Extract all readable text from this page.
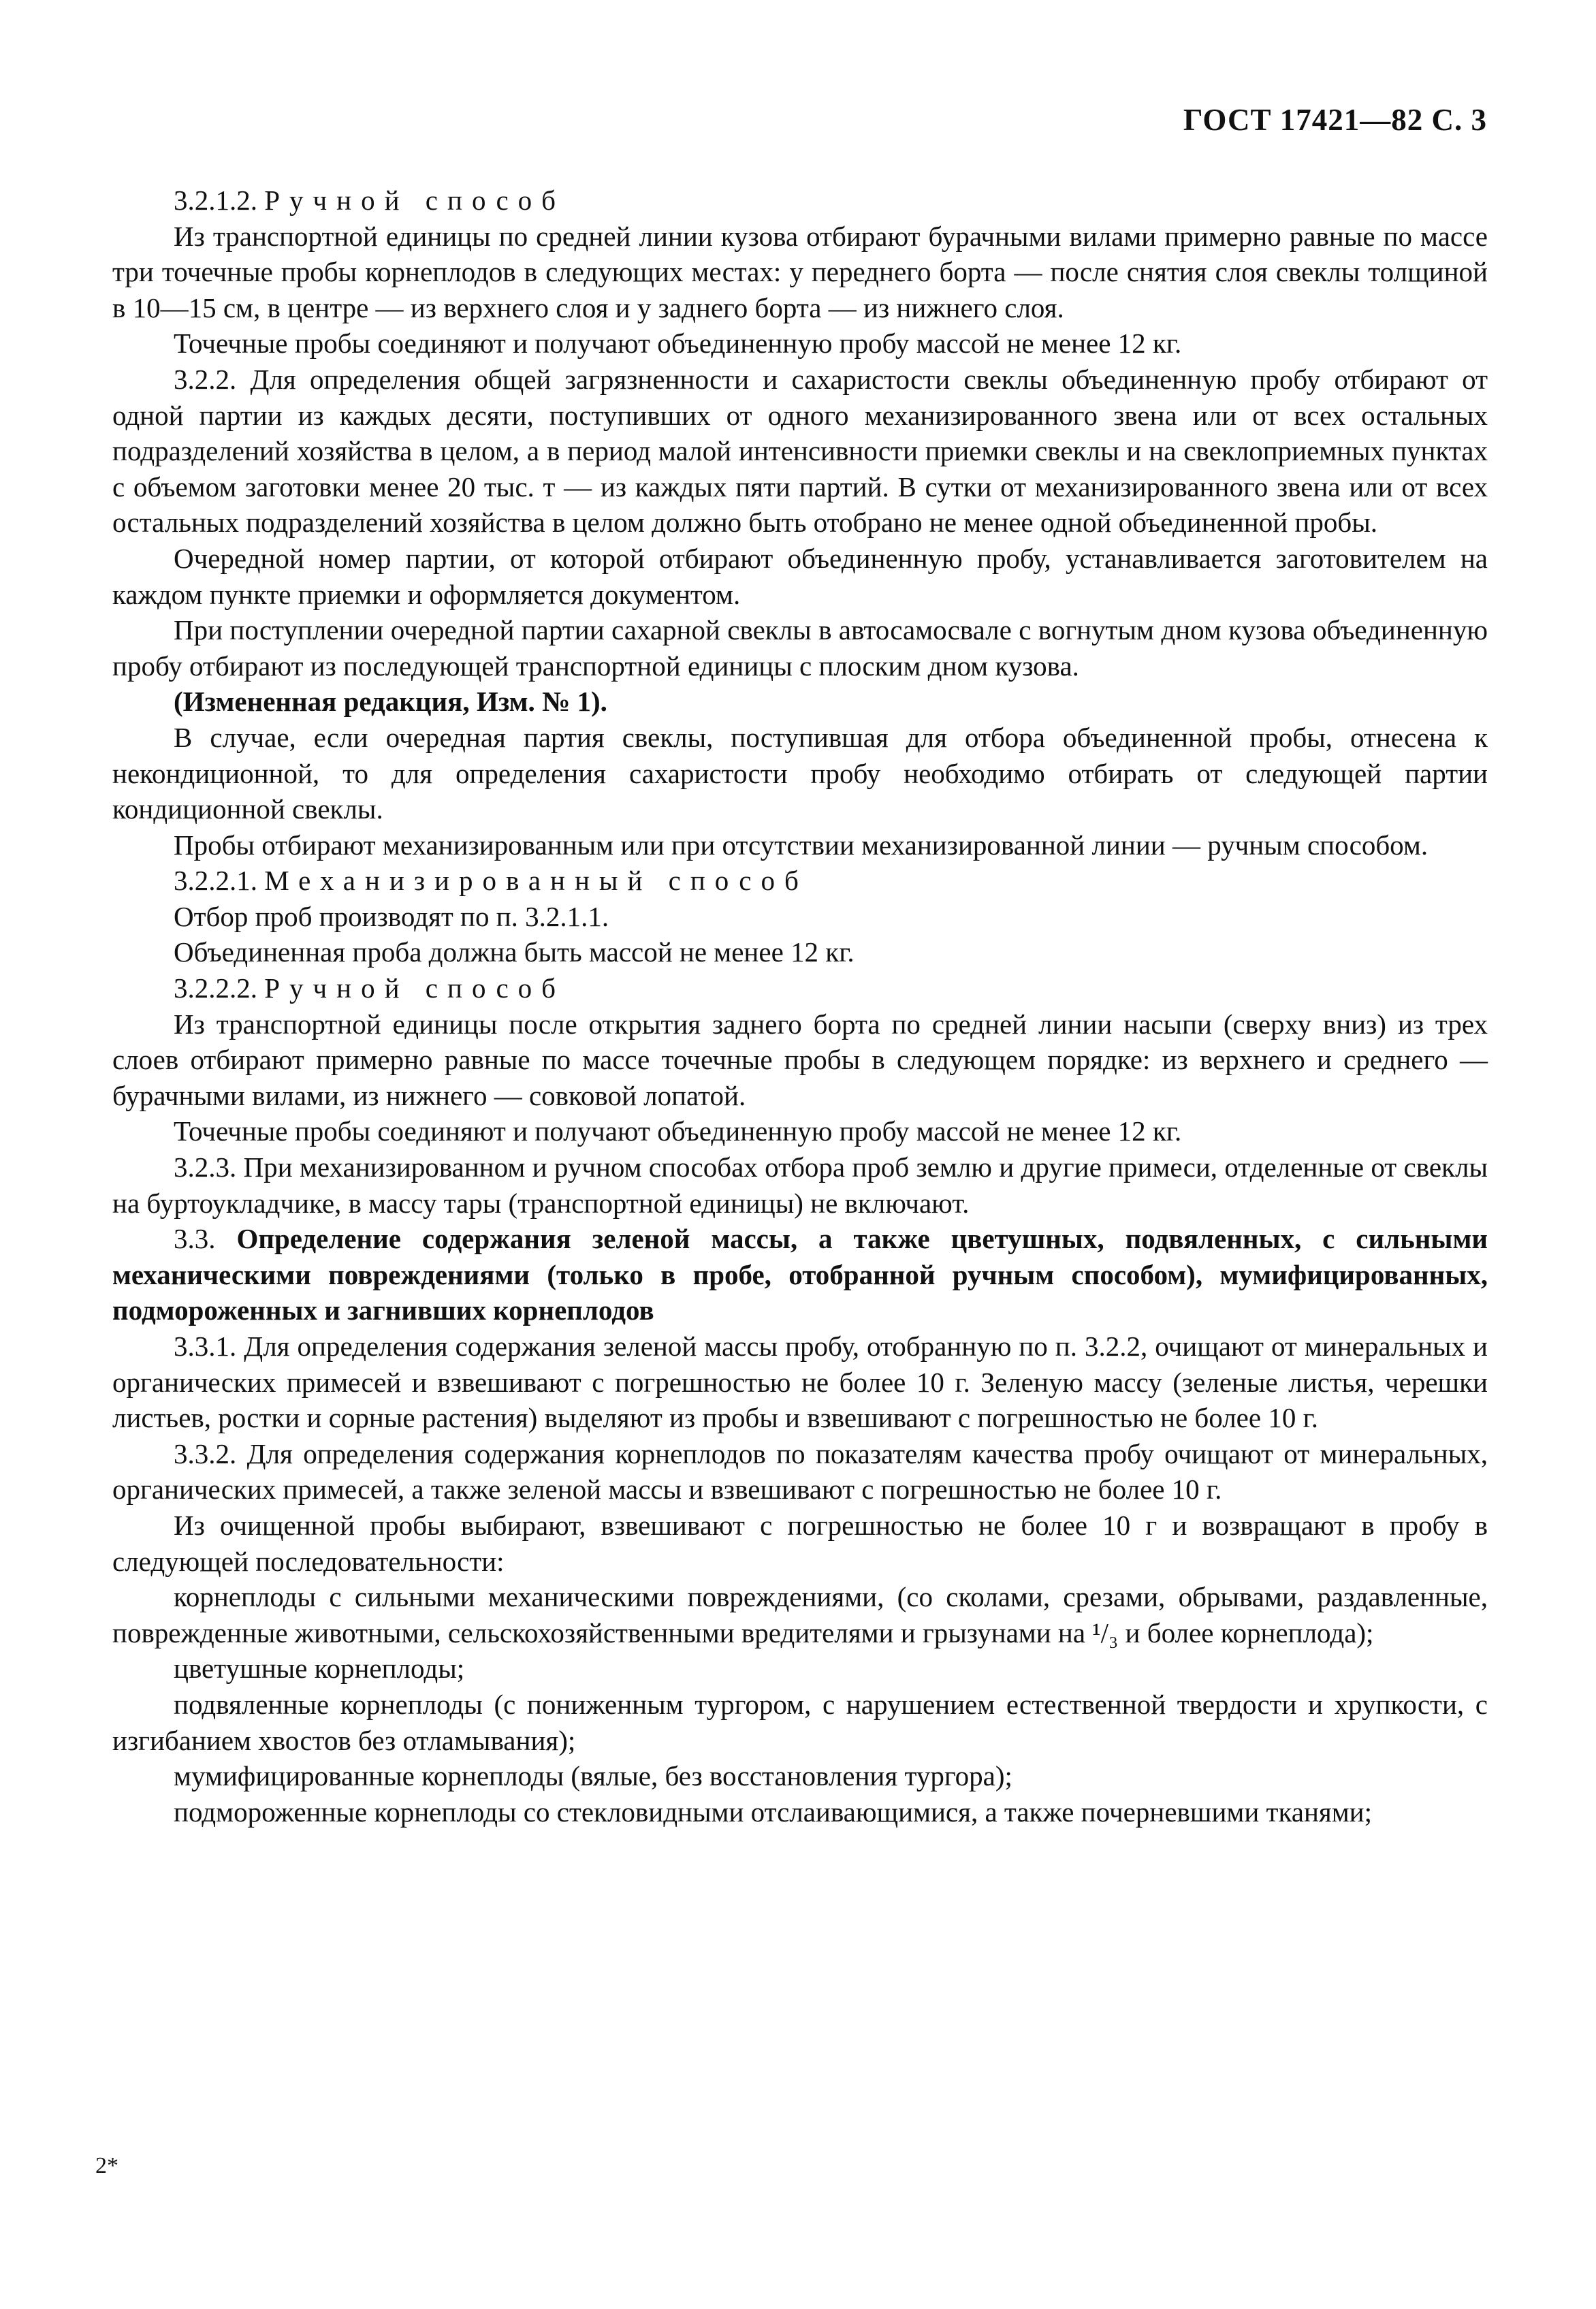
ГОСТ 17421—82 С. 3

3.2.1.2. Ручной способ

Из транспортной единицы по средней линии кузова отбирают бурачными вилами примерно равные по массе три точечные пробы корнеплодов в следующих местах: у переднего борта — после снятия слоя свеклы толщиной в 10—15 см, в центре — из верхнего слоя и у заднего борта — из нижнего слоя.

Точечные пробы соединяют и получают объединенную пробу массой не менее 12 кг.

3.2.2. Для определения общей загрязненности и сахаристости свеклы объединенную пробу отбирают от одной партии из каждых десяти, поступивших от одного механизированного звена или от всех остальных подразделений хозяйства в целом, а в период малой интенсивности приемки свеклы и на свеклоприемных пунктах с объемом заготовки менее 20 тыс. т — из каждых пяти партий. В сутки от механизированного звена или от всех остальных подразделений хозяйства в целом должно быть отобрано не менее одной объединенной пробы.

Очередной номер партии, от которой отбирают объединенную пробу, устанавливается заготовителем на каждом пункте приемки и оформляется документом.

При поступлении очередной партии сахарной свеклы в автосамосвале с вогнутым дном кузова объединенную пробу отбирают из последующей транспортной единицы с плоским дном кузова.

(Измененная редакция, Изм. № 1).

В случае, если очередная партия свеклы, поступившая для отбора объединенной пробы, отнесена к некондиционной, то для определения сахаристости пробу необходимо отбирать от следующей партии кондиционной свеклы.

Пробы отбирают механизированным или при отсутствии механизированной линии — ручным способом.

3.2.2.1. Механизированный способ

Отбор проб производят по п. 3.2.1.1.

Объединенная проба должна быть массой не менее 12 кг.

3.2.2.2. Ручной способ

Из транспортной единицы после открытия заднего борта по средней линии насыпи (сверху вниз) из трех слоев отбирают примерно равные по массе точечные пробы в следующем порядке: из верхнего и среднего — бурачными вилами, из нижнего — совковой лопатой.

Точечные пробы соединяют и получают объединенную пробу массой не менее 12 кг.

3.2.3. При механизированном и ручном способах отбора проб землю и другие примеси, отделенные от свеклы на буртоукладчике, в массу тары (транспортной единицы) не включают.

3.3. Определение содержания зеленой массы, а также цветушных, подвяленных, с сильными механическими повреждениями (только в пробе, отобранной ручным способом), мумифицированных, подмороженных и загнивших корнеплодов

3.3.1. Для определения содержания зеленой массы пробу, отобранную по п. 3.2.2, очищают от минеральных и органических примесей и взвешивают с погрешностью не более 10 г. Зеленую массу (зеленые листья, черешки листьев, ростки и сорные растения) выделяют из пробы и взвешивают с погрешностью не более 10 г.

3.3.2. Для определения содержания корнеплодов по показателям качества пробу очищают от минеральных, органических примесей, а также зеленой массы и взвешивают с погрешностью не более 10 г.

Из очищенной пробы выбирают, взвешивают с погрешностью не более 10 г и возвращают в пробу в следующей последовательности:

корнеплоды с сильными механическими повреждениями, (со сколами, срезами, обрывами, раздавленные, поврежденные животными, сельскохозяйственными вредителями и грызунами на ¹/₃ и более корнеплода);

цветушные корнеплоды;

подвяленные корнеплоды (с пониженным тургором, с нарушением естественной твердости и хрупкости, с изгибанием хвостов без отламывания);

мумифицированные корнеплоды (вялые, без восстановления тургора);

подмороженные корнеплоды со стекловидными отслаивающимися, а также почерневшими тканями;

2*
